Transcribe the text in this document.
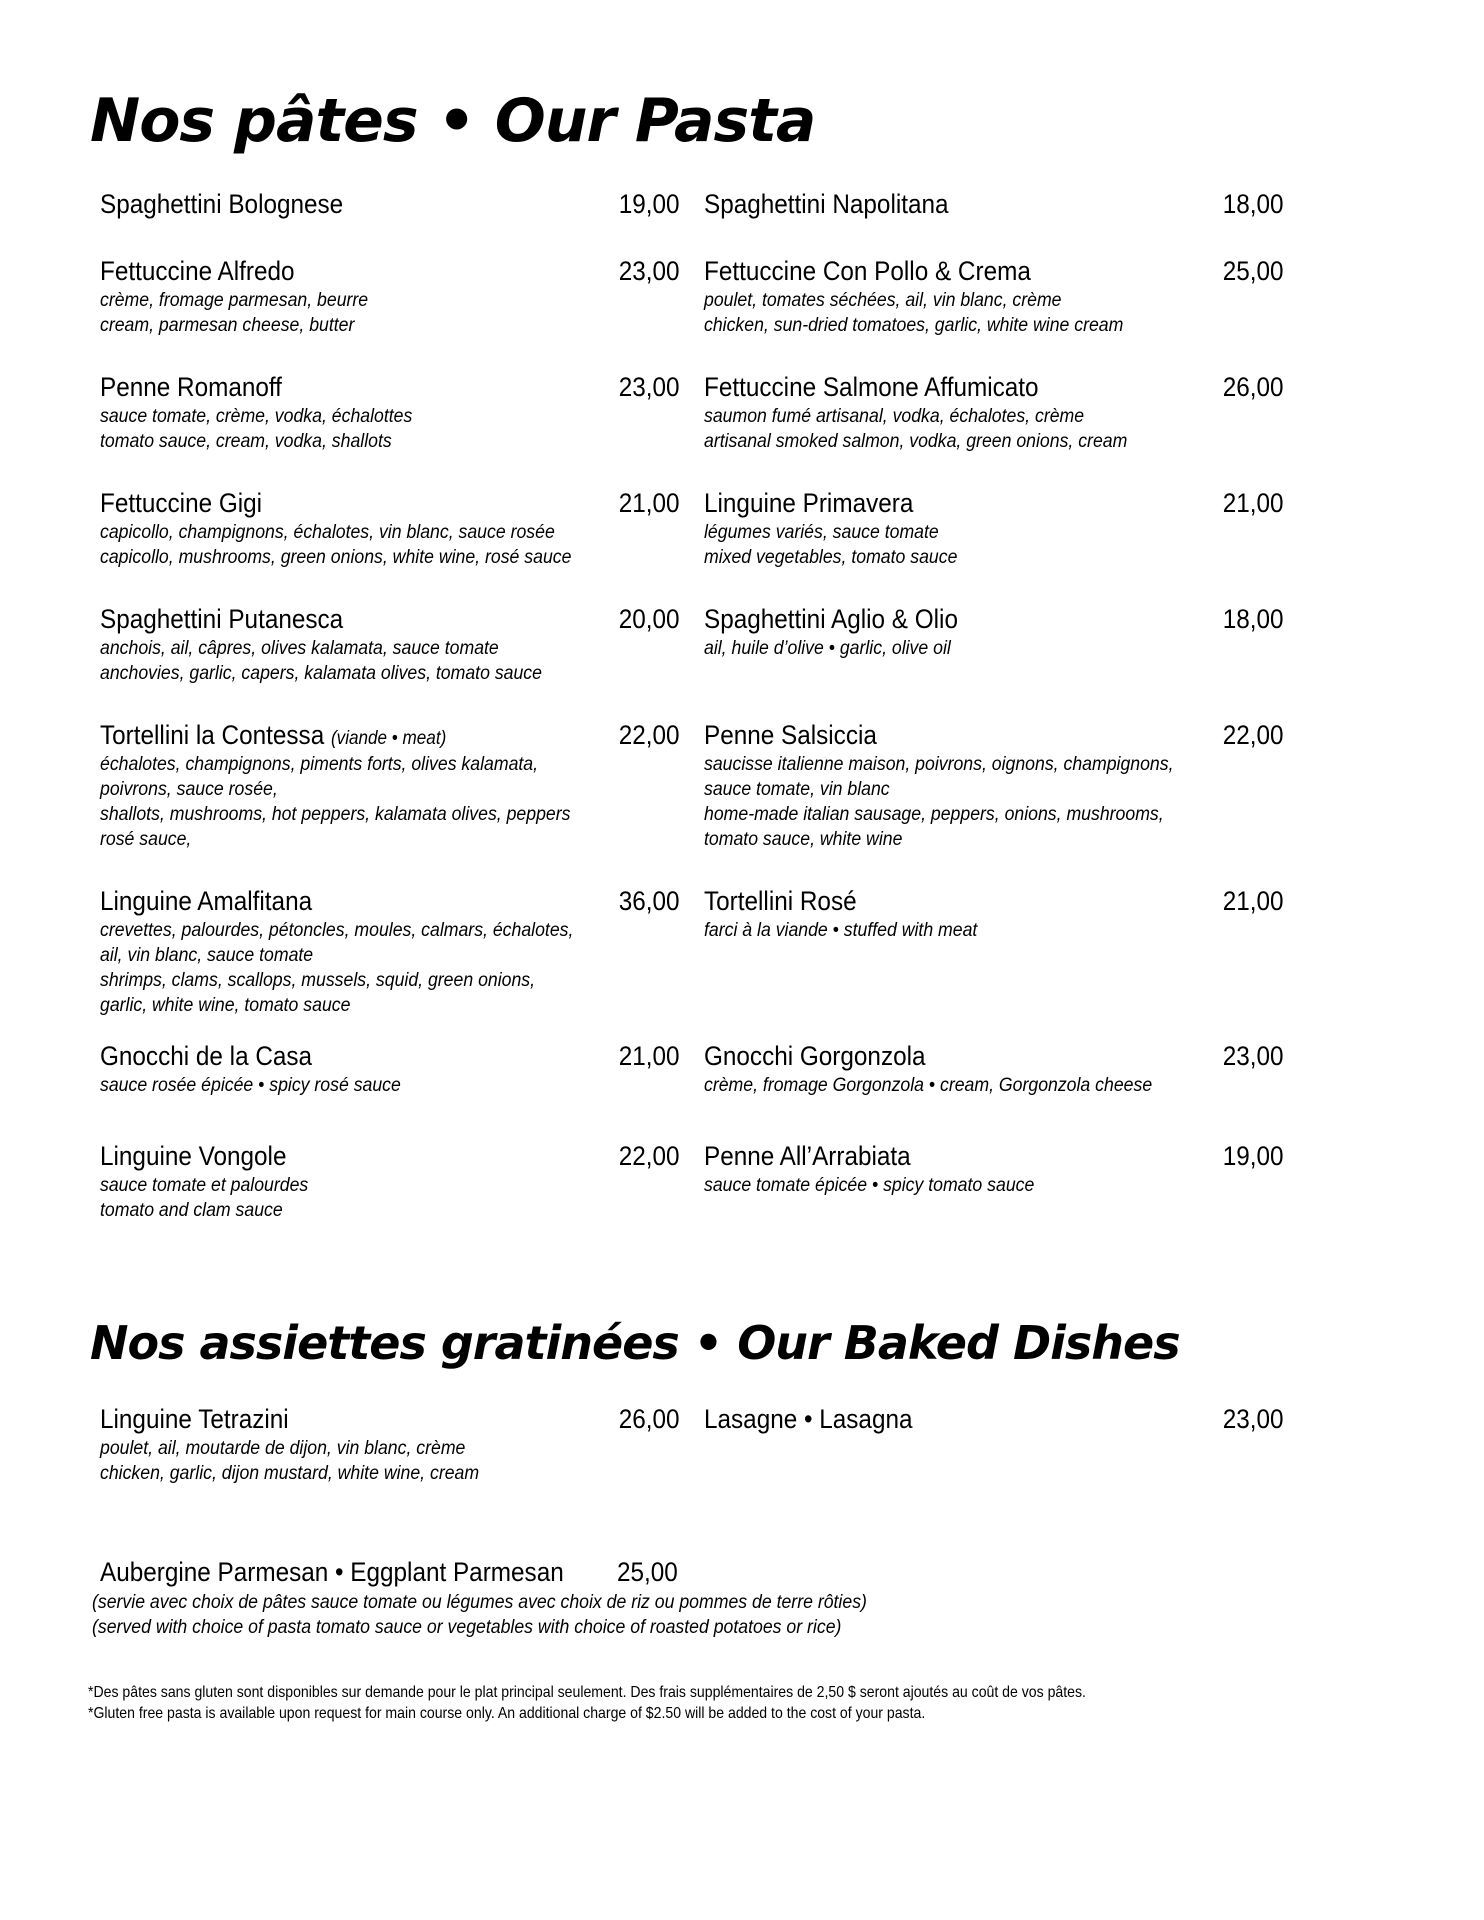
Nos pâtes • Our Pasta
Spaghettini Bolognese	19,00
Fettuccine Alfredo	23,00
crème, fromage parmesan, beurre
cream, parmesan cheese, butter
Penne Romanoff	23,00
sauce tomate, crème, vodka, échalottes
tomato sauce, cream, vodka, shallots
Fettuccine Gigi	21,00
capicollo, champignons, échalotes, vin blanc, sauce rosée
capicollo, mushrooms, green onions, white wine, rosé sauce
Spaghettini Putanesca	20,00
anchois, ail, câpres, olives kalamata, sauce tomate
anchovies, garlic, capers, kalamata olives, tomato sauce
Tortellini la Contessa (viande • meat)	22,00
échalotes, champignons, piments forts, olives kalamata,
poivrons, sauce rosée,
shallots, mushrooms, hot peppers, kalamata olives, peppers
rosé sauce,
Linguine Amalfitana	36,00
crevettes, palourdes, pétoncles, moules, calmars, échalotes,
ail, vin blanc, sauce tomate
shrimps, clams, scallops, mussels, squid, green onions,
garlic, white wine, tomato sauce
Gnocchi de la Casa	21,00
sauce rosée épicée • spicy rosé sauce
Linguine Vongole	22,00
sauce tomate et palourdes
tomato and clam sauce
Spaghettini Napolitana	18,00
Fettuccine Con Pollo & Crema	25,00
poulet, tomates séchées, ail, vin blanc, crème
chicken, sun-dried tomatoes, garlic, white wine cream
Fettuccine Salmone Affumicato	26,00
saumon fumé artisanal, vodka, échalotes, crème
artisanal smoked salmon, vodka, green onions, cream
Linguine Primavera	21,00
légumes variés, sauce tomate
mixed vegetables, tomato sauce
Spaghettini Aglio & Olio	18,00
ail, huile d’olive • garlic, olive oil
Penne Salsiccia	22,00
saucisse italienne maison, poivrons, oignons, champignons,
sauce tomate, vin blanc
home-made italian sausage, peppers, onions, mushrooms,
tomato sauce, white wine
Tortellini Rosé	21,00
farci à la viande • stuffed with meat
Gnocchi Gorgonzola	23,00
crème, fromage Gorgonzola • cream, Gorgonzola cheese
Penne All’Arrabiata	19,00
sauce tomate épicée • spicy tomato sauce
Nos assiettes gratinées • Our Baked Dishes
Linguine Tetrazini	26,00
poulet, ail, moutarde de dijon, vin blanc, crème
chicken, garlic, dijon mustard, white wine, cream
Lasagne • Lasagna	23,00
Aubergine Parmesan • Eggplant Parmesan 25,00
(servie avec choix de pâtes sauce tomate ou légumes avec choix de riz ou pommes de terre rôties)
(served with choice of pasta tomato sauce or vegetables with choice of roasted potatoes or rice)
*Des pâtes sans gluten sont disponibles sur demande pour le plat principal seulement. Des frais supplémentaires de 2,50 $ seront ajoutés au coût de vos pâtes.
*Gluten free pasta is available upon request for main course only. An additional charge of $2.50 will be added to the cost of your pasta.
